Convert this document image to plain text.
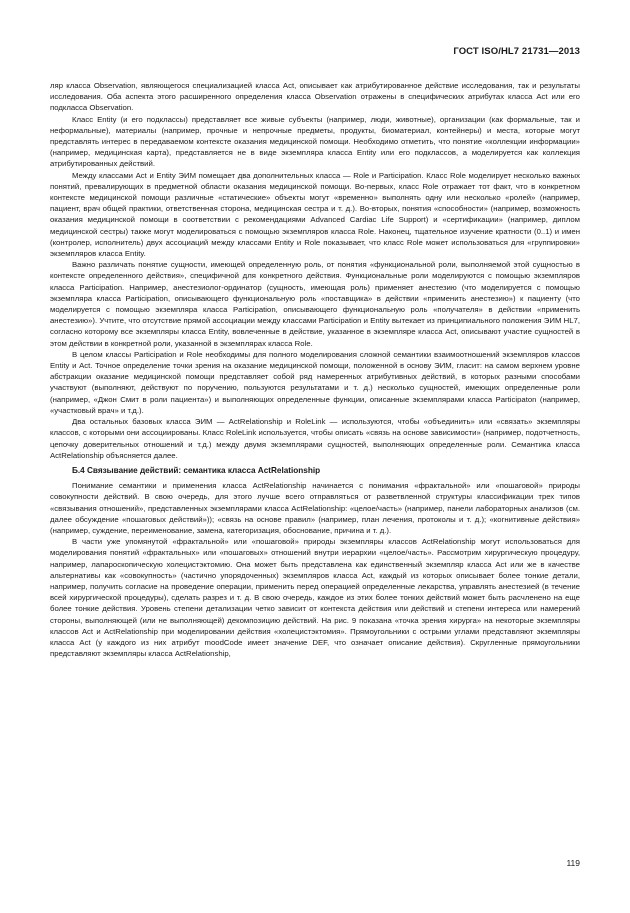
ГОСТ ISO/HL7 21731—2013

ляр класса Observation, являющегося специализацией класса Act, описывает как атрибутированное действие исследования, так и результаты исследования. Оба аспекта этого расширенного определения класса Observation отражены в специфических атрибутах класса Act или его подкласса Observation.

Класс Entity (и его подклассы) представляет все живые субъекты (например, люди, животные), организации (как формальные, так и неформальные), материалы (например, прочные и непрочные предметы, продукты, биоматериал, контейнеры) и места, которые могут представлять интерес в передаваемом контексте оказания медицинской помощи. Необходимо отметить, что понятие «коллекции информации» (например, медицинская карта), представляется не в виде экземпляра класса Entity или его подклассов, а моделируется как коллекция атрибутированных действий.

Между классами Act и Entity ЭИМ помещает два дополнительных класса — Role и Participation. Класс Role моделирует несколько важных понятий, превалирующих в предметной области оказания медицинской помощи. Во-первых, класс Role отражает тот факт, что в конкретном контексте медицинской помощи различные «статические» объекты могут «временно» выполнять одну или несколько «ролей» (например, пациент, врач общей практики, ответственная сторона, медицинская сестра и т. д.). Во-вторых, понятия «способности» (например, возможность оказания медицинской помощи в соответствии с рекомендациями Advanced Cardiac Life Support) и «сертификации» (например, диплом медицинской сестры) также могут моделироваться с помощью экземпляров класса Role. Наконец, тщательное изучение кратности (0..1) и имен (контролер, исполнитель) двух ассоциаций между классами Entity и Role показывает, что класс Role может использоваться для «группировки» экземпляров класса Entity.

Важно различать понятие сущности, имеющей определенную роль, от понятия «функциональной роли, выполняемой этой сущностью в контексте определенного действия», специфичной для конкретного действия. Функциональные роли моделируются с помощью экземпляров класса Participation. Например, анестезиолог-ординатор (сущность, имеющая роль) применяет анестезию (что моделируется с помощью экземпляра класса Participation, описывающего функциональную роль «поставщика» в действии «применить анестезию») к пациенту (что моделируется с помощью экземпляра класса Participation, описывающего функциональную роль «получателя» в действии «применить анестезию»). Учтите, что отсутствие прямой ассоциации между классами Participation и Entity вытекает из принципиального положения ЭИМ HL7, согласно которому все экземпляры класса Entity, вовлеченные в действие, указанное в экземпляре класса Act, описывают участие сущностей в этом действии в конкретной роли, указанной в экземплярах класса Role.

В целом классы Participation и Role необходимы для полного моделирования сложной семантики взаимоотношений экземпляров классов Entity и Act. Точное определение точки зрения на оказание медицинской помощи, положенной в основу ЭИМ, гласит: на самом верхнем уровне абстракции оказание медицинской помощи представляет собой ряд намеренных атрибутивных действий, в которых разными способами участвуют (выполняют, действуют по поручению, пользуются результатами и т. д.) несколько сущностей, имеющих определенные роли (например, «Джон Смит в роли пациента») и выполняющих определенные функции, описанные экземплярами класса Participaton (например, «участковый врач» и т.д.).

Два остальных базовых класса ЭИМ — ActRelationship и RoleLink — используются, чтобы «объединить» или «связать» экземпляры классов, с которыми они ассоциированы. Класс RoleLink используется, чтобы описать «связь на основе зависимости» (например, подотчетность, цепочку доверительных отношений и т.д.) между двумя экземплярами сущностей, выполняющих определенные роли. Семантика класса ActRelationship объясняется далее.

Б.4 Связывание действий: семантика класса ActRelationship

Понимание семантики и применения класса ActRelationship начинается с понимания «фрактальной» или «пошаговой» природы совокупности действий. В свою очередь, для этого лучше всего отправляться от разветвленной структуры классификации трех типов «связывания отношений», представленных экземплярами класса ActRelationship: «целое/часть» (например, панели лабораторных анализов (см. далее обсуждение «пошаговых действий»)); «связь на основе правил» (например, план лечения, протоколы и т. д.); «когнитивные действия» (например, суждение, переименование, замена, категоризация, обоснование, причина и т. д.).

В части уже упомянутой «фрактальной» или «пошаговой» природы экземпляры классов ActRelationship могут использоваться для моделирования понятий «фрактальных» или «пошаговых» отношений внутри иерархии «целое/часть». Рассмотрим хирургическую процедуру, например, лапароскопическую холецистэктомию. Она может быть представлена как единственный экземпляр класса Act или же в качестве альтернативы как «совокупность» (частично упорядоченных) экземпляров класса Act, каждый из которых описывает более тонкие детали, например, получить согласие на проведение операции, применить перед операцией определенные лекарства, управлять анестезией (в течение всей хирургической процедуры), сделать разрез и т. д. В свою очередь, каждое из этих более тонких действий может быть расчленено на еще более тонкие действия. Уровень степени детализации четко зависит от контекста действия или действий и степени интереса или намерений стороны, выполняющей (или не выполняющей) декомпозицию действий. На рис. 9 показана «точка зрения хирурга» на некоторые экземпляры классов Act и ActRelationship при моделировании действия «холецистэктомия». Прямоугольники с острыми углами представляют экземпляры класса Act (у каждого из них атрибут moodCode имеет значение DEF, что означает описание действия). Скругленные прямоугольники представляют экземпляры класса ActRelationship,

119
